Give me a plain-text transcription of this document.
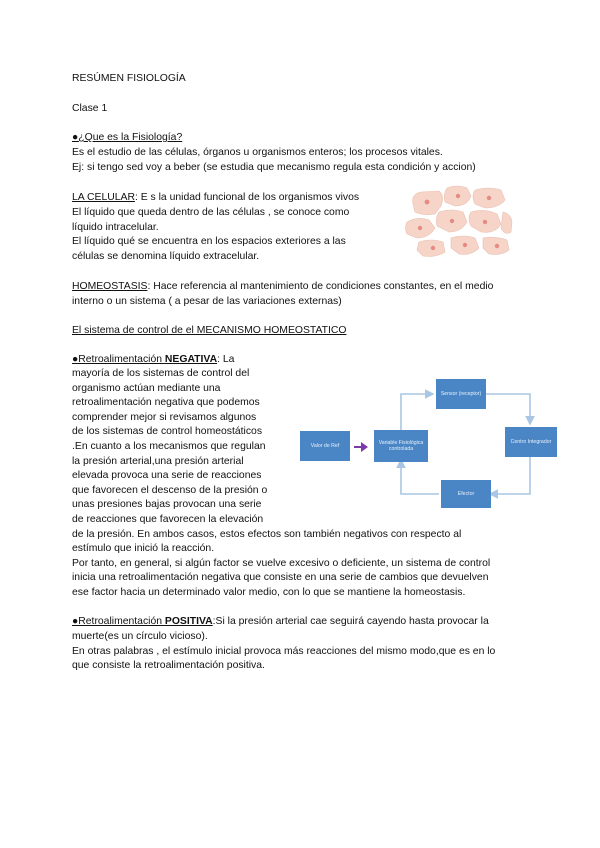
RESÚMEN FISIOLOGÍA
Clase 1
●¿Que es la Fisiología?
Es el estudio de las células, órganos u organismos enteros; los procesos vitales.
Ej: si tengo sed voy a beber (se estudia que mecanismo regula esta condición y accion)
LA CELULAR: E s la unidad funcional de los organismos vivos
El líquido que queda dentro de las células , se conoce como
líquido intracelular.
El líquido qué se encuentra en los espacios exteriores a las
células se denomina líquido extracelular.
HOMEOSTASIS: Hace referencia al mantenimiento de condiciones constantes, en el medio
interno o un sistema ( a pesar de las variaciones externas)
El sistema de control de el MECANISMO HOMEOSTATICO
●Retroalimentación NEGATIVA: La
mayoría de los sistemas de control del
organismo actúan mediante una
retroalimentación negativa que podemos
comprender mejor si revisamos algunos
de los sistemas de control homeostáticos
.En cuanto a los mecanismos que regulan
la presión arterial,una presión arterial
elevada provoca una serie de reacciones
que favorecen el descenso de la presión o
unas presiones bajas provocan una serie
de reacciones que favorecen la elevación
de la presión. En ambos casos, estos efectos son también negativos con respecto al
estímulo que inició la reacción.
Por tanto, en general, si algún factor se vuelve excesivo o deficiente, un sistema de control
inicia una retroalimentación negativa que consiste en una serie de cambios que devuelven
ese factor hacia un determinado valor medio, con lo que se mantiene la homeostasis.
●Retroalimentación POSITIVA:Si la presión arterial cae seguirá cayendo hasta provocar la
muerte(es un círculo vicioso).
En otras palabras , el estímulo inicial provoca más reacciones del mismo modo,que es en lo
que consiste la retroalimentación positiva.
Valor de Ref
Variable Fisiológica controlada
Sensor (receptor)
Centro Integrador
Efector
